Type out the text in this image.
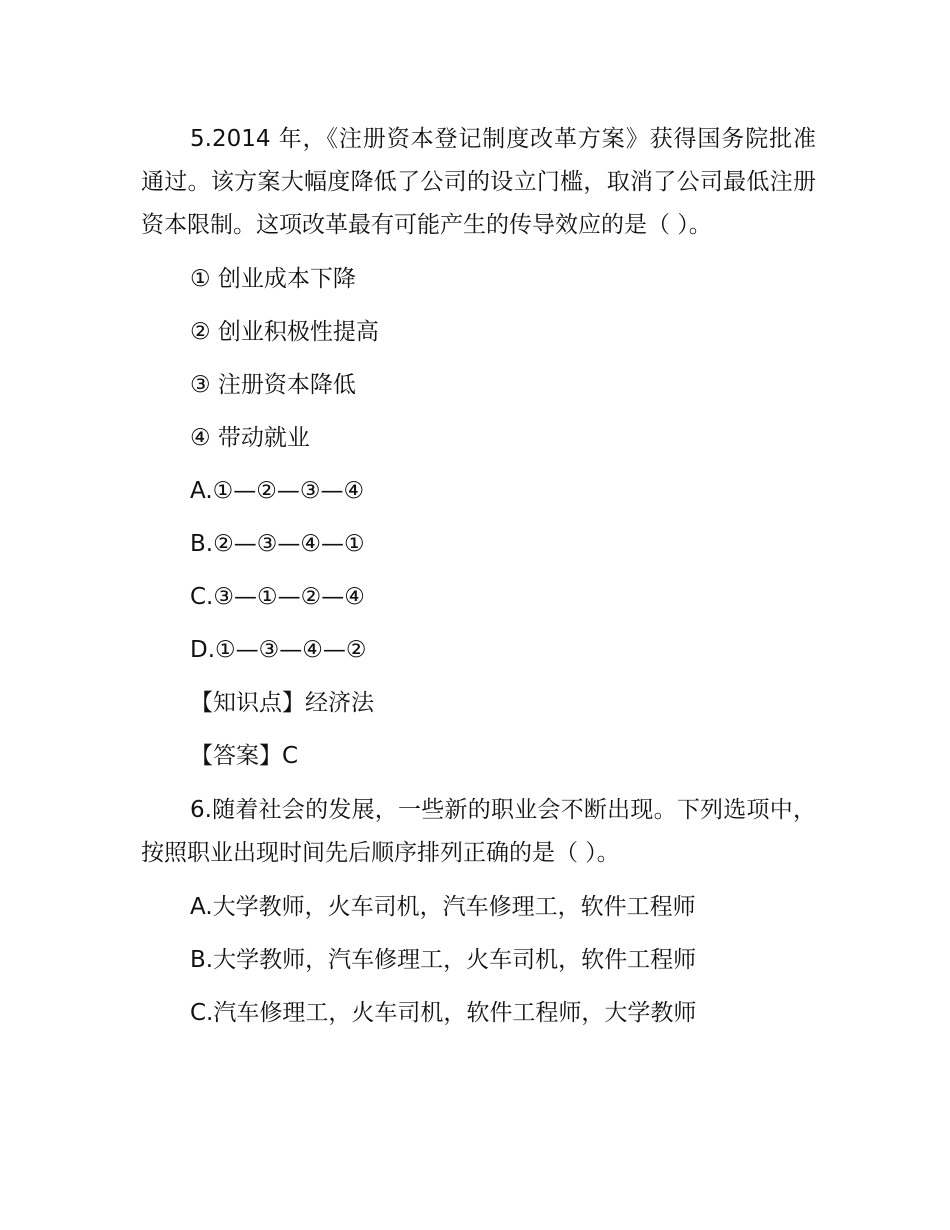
5.2014 年，《注册资本登记制度改革方案》获得国务院批准通过。该方案大幅度降低了公司的设立门槛，取消了公司最低注册资本限制。这项改革最有可能产生的传导效应的是（ ）。

① 创业成本下降
② 创业积极性提高
③ 注册资本降低
④ 带动就业
A.①—②—③—④
B.②—③—④—①
C.③—①—②—④
D.①—③—④—②
【知识点】经济法
【答案】C

6.随着社会的发展，一些新的职业会不断出现。下列选项中，按照职业出现时间先后顺序排列正确的是（ ）。

A.大学教师，火车司机，汽车修理工，软件工程师
B.大学教师，汽车修理工，火车司机，软件工程师
C.汽车修理工，火车司机，软件工程师，大学教师
